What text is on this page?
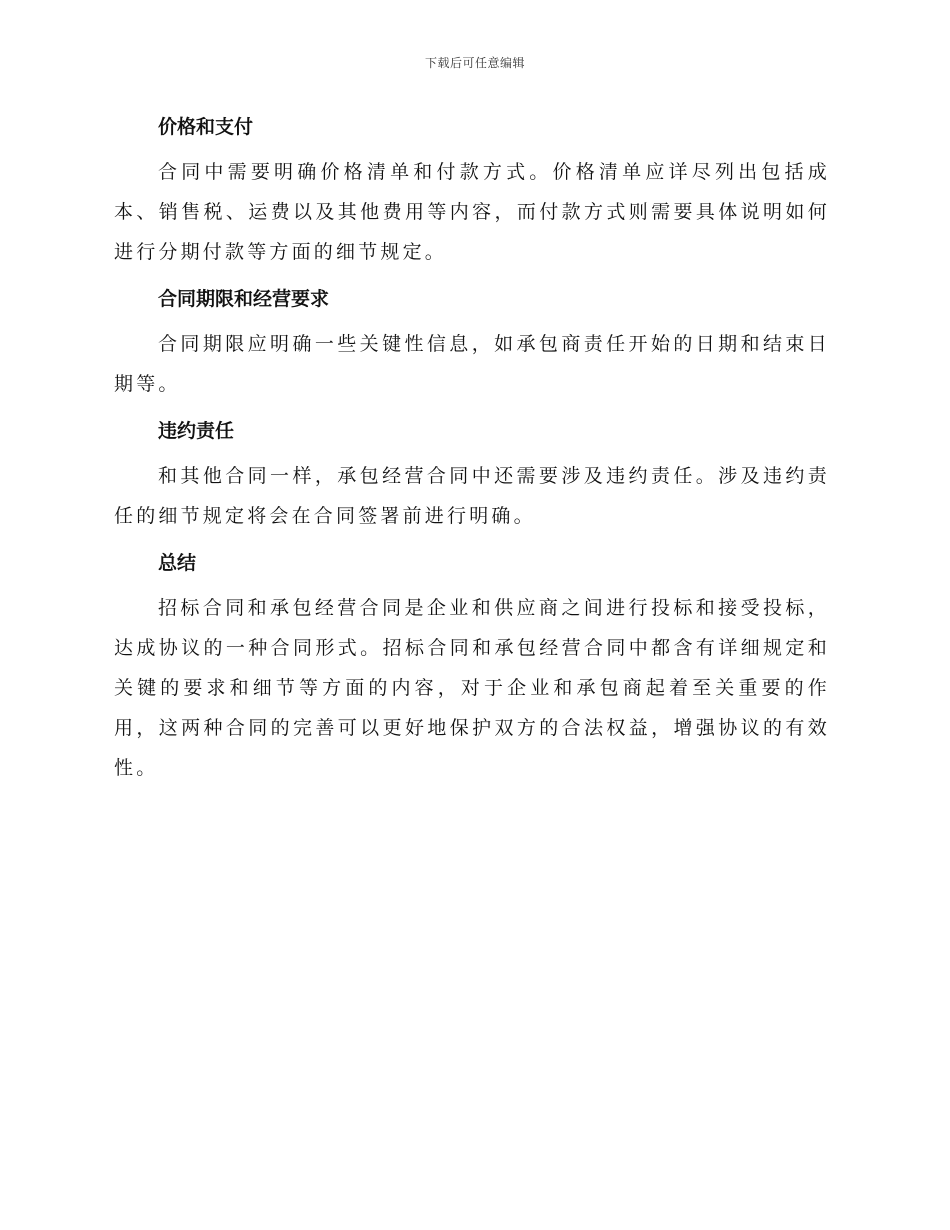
下载后可任意编辑
价格和支付

合同中需要明确价格清单和付款方式。价格清单应详尽列出包括成本、销售税、运费以及其他费用等内容，而付款方式则需要具体说明如何进行分期付款等方面的细节规定。

合同期限和经营要求

合同期限应明确一些关键性信息，如承包商责任开始的日期和结束日期等。

违约责任

和其他合同一样，承包经营合同中还需要涉及违约责任。涉及违约责任的细节规定将会在合同签署前进行明确。

总结

招标合同和承包经营合同是企业和供应商之间进行投标和接受投标，达成协议的一种合同形式。招标合同和承包经营合同中都含有详细规定和关键的要求和细节等方面的内容，对于企业和承包商起着至关重要的作用，这两种合同的完善可以更好地保护双方的合法权益，增强协议的有效性。
